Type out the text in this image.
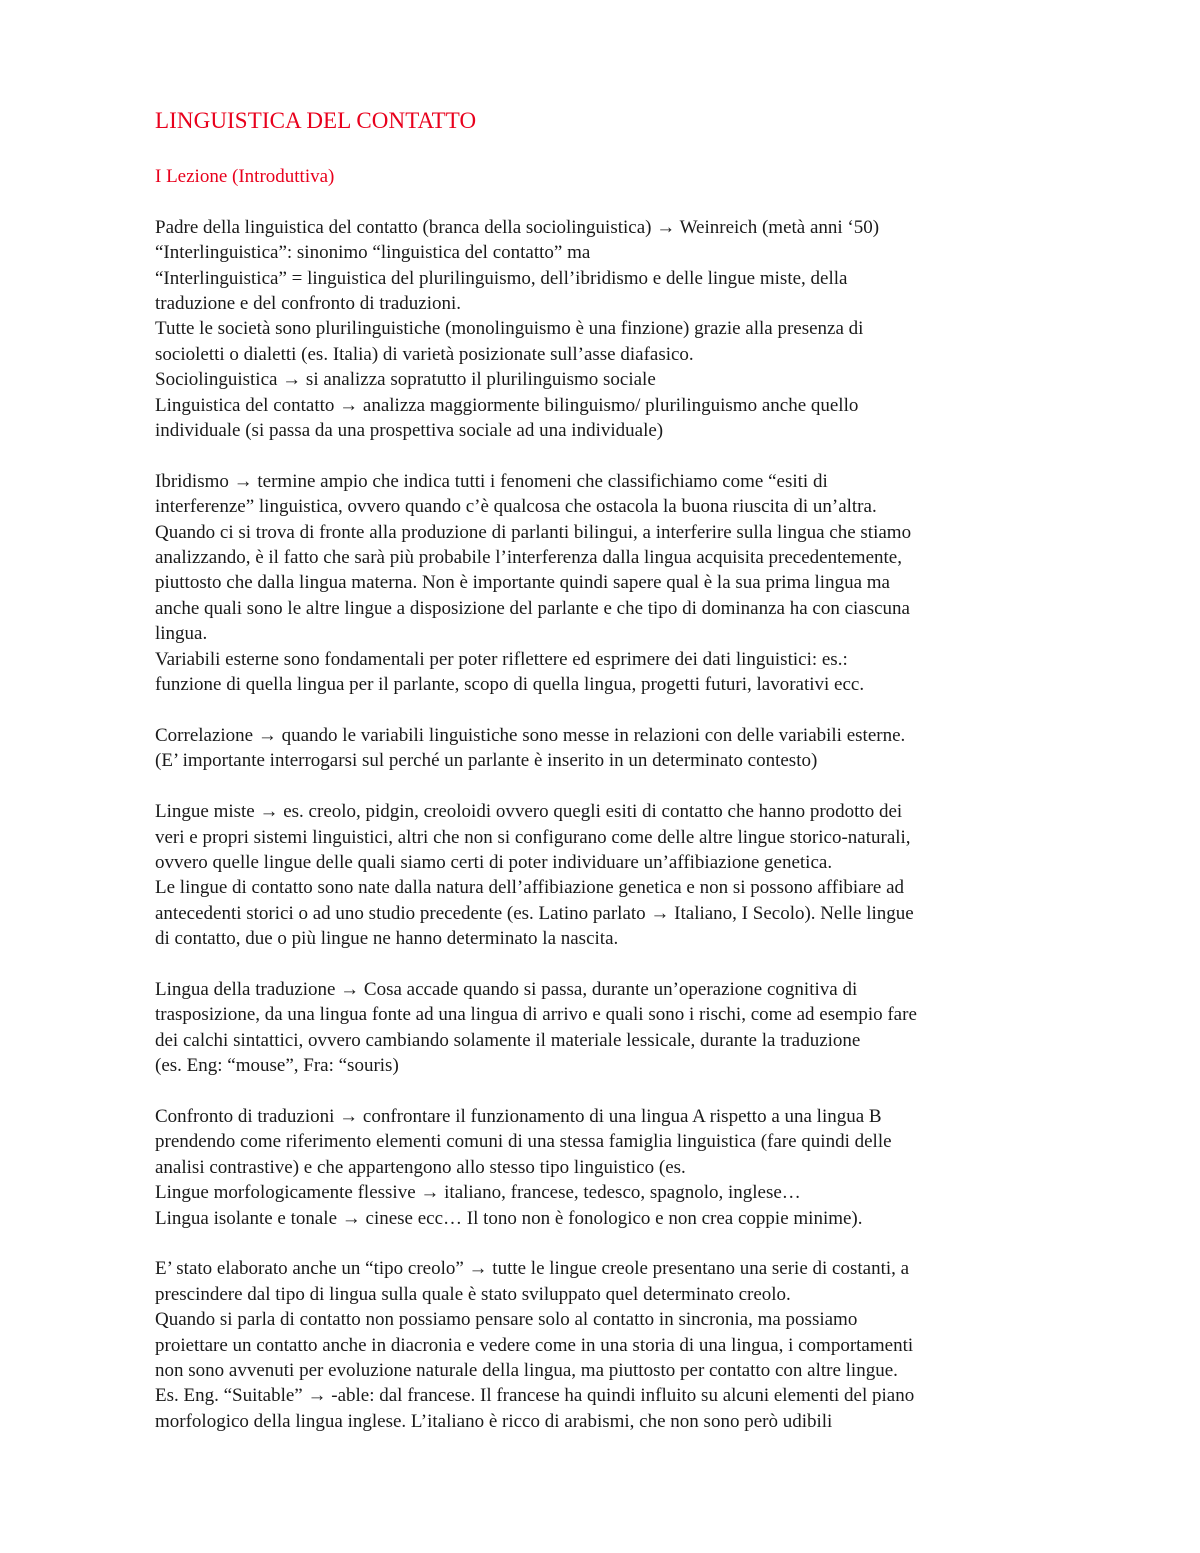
LINGUISTICA DEL CONTATTO
I Lezione (Introduttiva)
Padre della linguistica del contatto (branca della sociolinguistica) → Weinreich (metà anni ‘50)
“Interlinguistica”: sinonimo “linguistica del contatto” ma
“Interlinguistica” = linguistica del plurilinguismo, dell’ibridismo e delle lingue miste, della
traduzione e del confronto di traduzioni.
Tutte le società sono plurilinguistiche (monolinguismo è una finzione) grazie alla presenza di
socioletti o dialetti (es. Italia) di varietà posizionate sull’asse diafasico.
Sociolinguistica → si analizza sopratutto il plurilinguismo sociale
Linguistica del contatto → analizza maggiormente bilinguismo/ plurilinguismo anche quello
individuale (si passa da una prospettiva sociale ad una individuale)
Ibridismo → termine ampio che indica tutti i fenomeni che classifichiamo come “esiti di
interferenze” linguistica, ovvero quando c’è qualcosa che ostacola la buona riuscita di un’altra.
Quando ci si trova di fronte alla produzione di parlanti bilingui, a interferire sulla lingua che stiamo
analizzando, è il fatto che sarà più probabile l’interferenza dalla lingua acquisita precedentemente,
piuttosto che dalla lingua materna. Non è importante quindi sapere qual è la sua prima lingua ma
anche quali sono le altre lingue a disposizione del parlante e che tipo di dominanza ha con ciascuna
lingua.
Variabili esterne sono fondamentali per poter riflettere ed esprimere dei dati linguistici: es.:
funzione di quella lingua per il parlante, scopo di quella lingua, progetti futuri, lavorativi ecc.
Correlazione → quando le variabili linguistiche sono messe in relazioni con delle variabili esterne.
(E’ importante interrogarsi sul perché un parlante è inserito in un determinato contesto)
Lingue miste → es. creolo, pidgin, creoloidi ovvero quegli esiti di contatto che hanno prodotto dei
veri e propri sistemi linguistici, altri che non si configurano come delle altre lingue storico-naturali,
ovvero quelle lingue delle quali siamo certi di poter individuare un’affibiazione genetica.
Le lingue di contatto sono nate dalla natura dell’affibiazione genetica e non si possono affibiare ad
antecedenti storici o ad uno studio precedente (es. Latino parlato → Italiano, I Secolo). Nelle lingue
di contatto, due o più lingue ne hanno determinato la nascita.
Lingua della traduzione → Cosa accade quando si passa, durante un’operazione cognitiva di
trasposizione, da una lingua fonte ad una lingua di arrivo e quali sono i rischi, come ad esempio fare
dei calchi sintattici, ovvero cambiando solamente il materiale lessicale, durante la traduzione
(es. Eng: “mouse”, Fra: “souris)
Confronto di traduzioni → confrontare il funzionamento di una lingua A rispetto a una lingua B
prendendo come riferimento elementi comuni di una stessa famiglia linguistica (fare quindi delle
analisi contrastive) e che appartengono allo stesso tipo linguistico (es.
Lingue morfologicamente flessive → italiano, francese, tedesco, spagnolo, inglese…
Lingua isolante e tonale → cinese ecc… Il tono non è fonologico e non crea coppie minime).
E’ stato elaborato anche un “tipo creolo” → tutte le lingue creole presentano una serie di costanti, a
prescindere dal tipo di lingua sulla quale è stato sviluppato quel determinato creolo.
Quando si parla di contatto non possiamo pensare solo al contatto in sincronia, ma possiamo
proiettare un contatto anche in diacronia e vedere come in una storia di una lingua, i comportamenti
non sono avvenuti per evoluzione naturale della lingua, ma piuttosto per contatto con altre lingue.
Es. Eng. “Suitable” → -able: dal francese. Il francese ha quindi influito su alcuni elementi del piano
morfologico della lingua inglese. L’italiano è ricco di arabismi, che non sono però udibili
